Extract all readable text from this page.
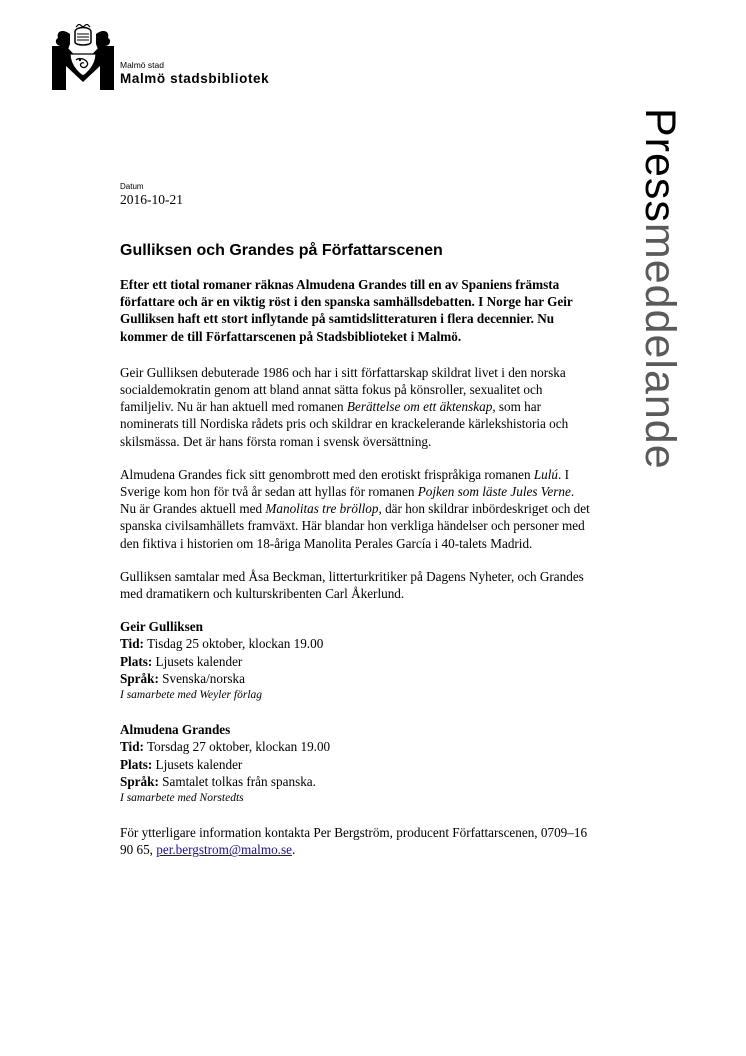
Malmö stad
Malmö stadsbibliotek
Pressmeddelande
Datum
2016-10-21
Gulliksen och Grandes på Författarscenen

Efter ett tiotal romaner räknas Almudena Grandes till en av Spaniens främsta författare och är en viktig röst i den spanska samhällsdebatten. I Norge har Geir Gulliksen haft ett stort inflytande på samtidslitteraturen i flera decennier. Nu kommer de till Författarscenen på Stadsbiblioteket i Malmö.

Geir Gulliksen debuterade 1986 och har i sitt författarskap skildrat livet i den norska socialdemokratin genom att bland annat sätta fokus på könsroller, sexualitet och familjeliv. Nu är han aktuell med romanen Berättelse om ett äktenskap, som har nominerats till Nordiska rådets pris och skildrar en krackelerande kärlekshistoria och skilsmässa. Det är hans första roman i svensk översättning.

Almudena Grandes fick sitt genombrott med den erotiskt frispråkiga romanen Lulú. I Sverige kom hon för två år sedan att hyllas för romanen Pojken som läste Jules Verne. Nu är Grandes aktuell med Manolitas tre bröllop, där hon skildrar inbördeskriget och det spanska civilsamhällets framväxt. Här blandar hon verkliga händelser och personer med den fiktiva i historien om 18-åriga Manolita Perales García i 40-talets Madrid.

Gulliksen samtalar med Åsa Beckman, litterturkritiker på Dagens Nyheter, och Grandes med dramatikern och kulturskribenten Carl Åkerlund.

Geir Gulliksen
Tid: Tisdag 25 oktober, klockan 19.00
Plats: Ljusets kalender
Språk: Svenska/norska
I samarbete med Weyler förlag
Almudena Grandes
Tid: Torsdag 27 oktober, klockan 19.00
Plats: Ljusets kalender
Språk: Samtalet tolkas från spanska.
I samarbete med Norstedts

För ytterligare information kontakta Per Bergström, producent Författarscenen, 0709–16 90 65, per.bergstrom@malmo.se.
